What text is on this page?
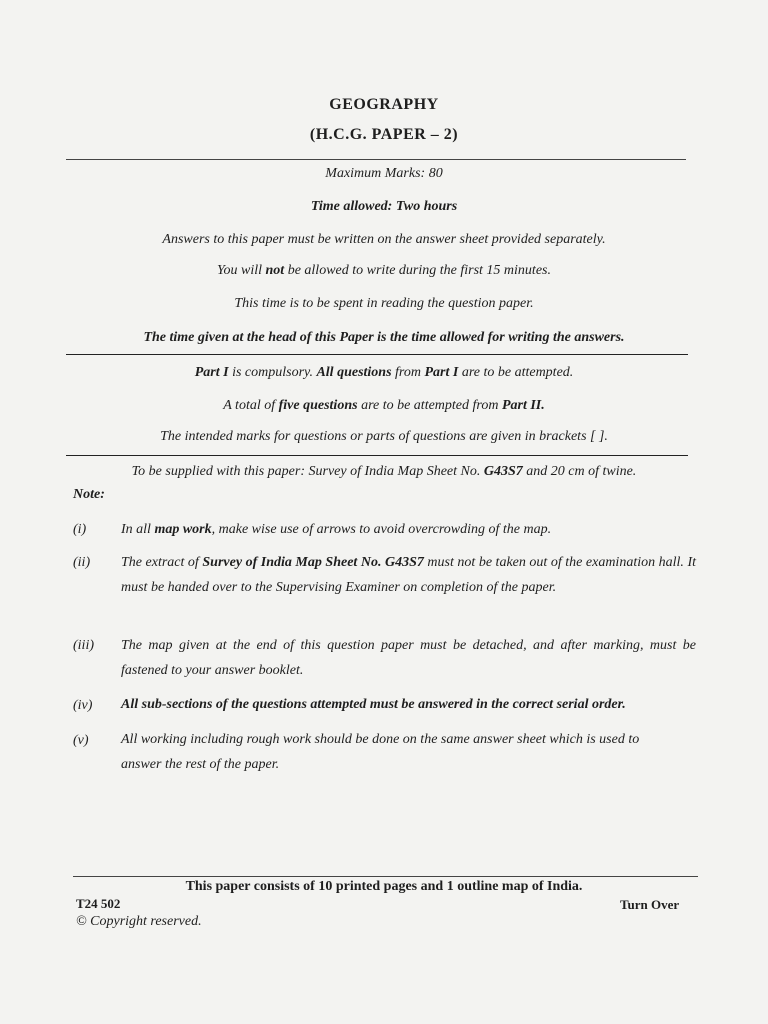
GEOGRAPHY
(H.C.G. PAPER – 2)
Maximum Marks: 80
Time allowed: Two hours
Answers to this paper must be written on the answer sheet provided separately.
You will not be allowed to write during the first 15 minutes.
This time is to be spent in reading the question paper.
The time given at the head of this Paper is the time allowed for writing the answers.
Part I is compulsory. All questions from Part I are to be attempted.
A total of five questions are to be attempted from Part II.
The intended marks for questions or parts of questions are given in brackets [ ].
To be supplied with this paper: Survey of India Map Sheet No. G43S7 and 20 cm of twine.
Note:
(i) In all map work, make wise use of arrows to avoid overcrowding of the map.
(ii) The extract of Survey of India Map Sheet No. G43S7 must not be taken out of the examination hall. It must be handed over to the Supervising Examiner on completion of the paper.
(iii) The map given at the end of this question paper must be detached, and after marking, must be fastened to your answer booklet.
(iv) All sub-sections of the questions attempted must be answered in the correct serial order.
(v) All working including rough work should be done on the same answer sheet which is used to answer the rest of the paper.
This paper consists of 10 printed pages and 1 outline map of India.
T24 502	Turn Over
© Copyright reserved.
